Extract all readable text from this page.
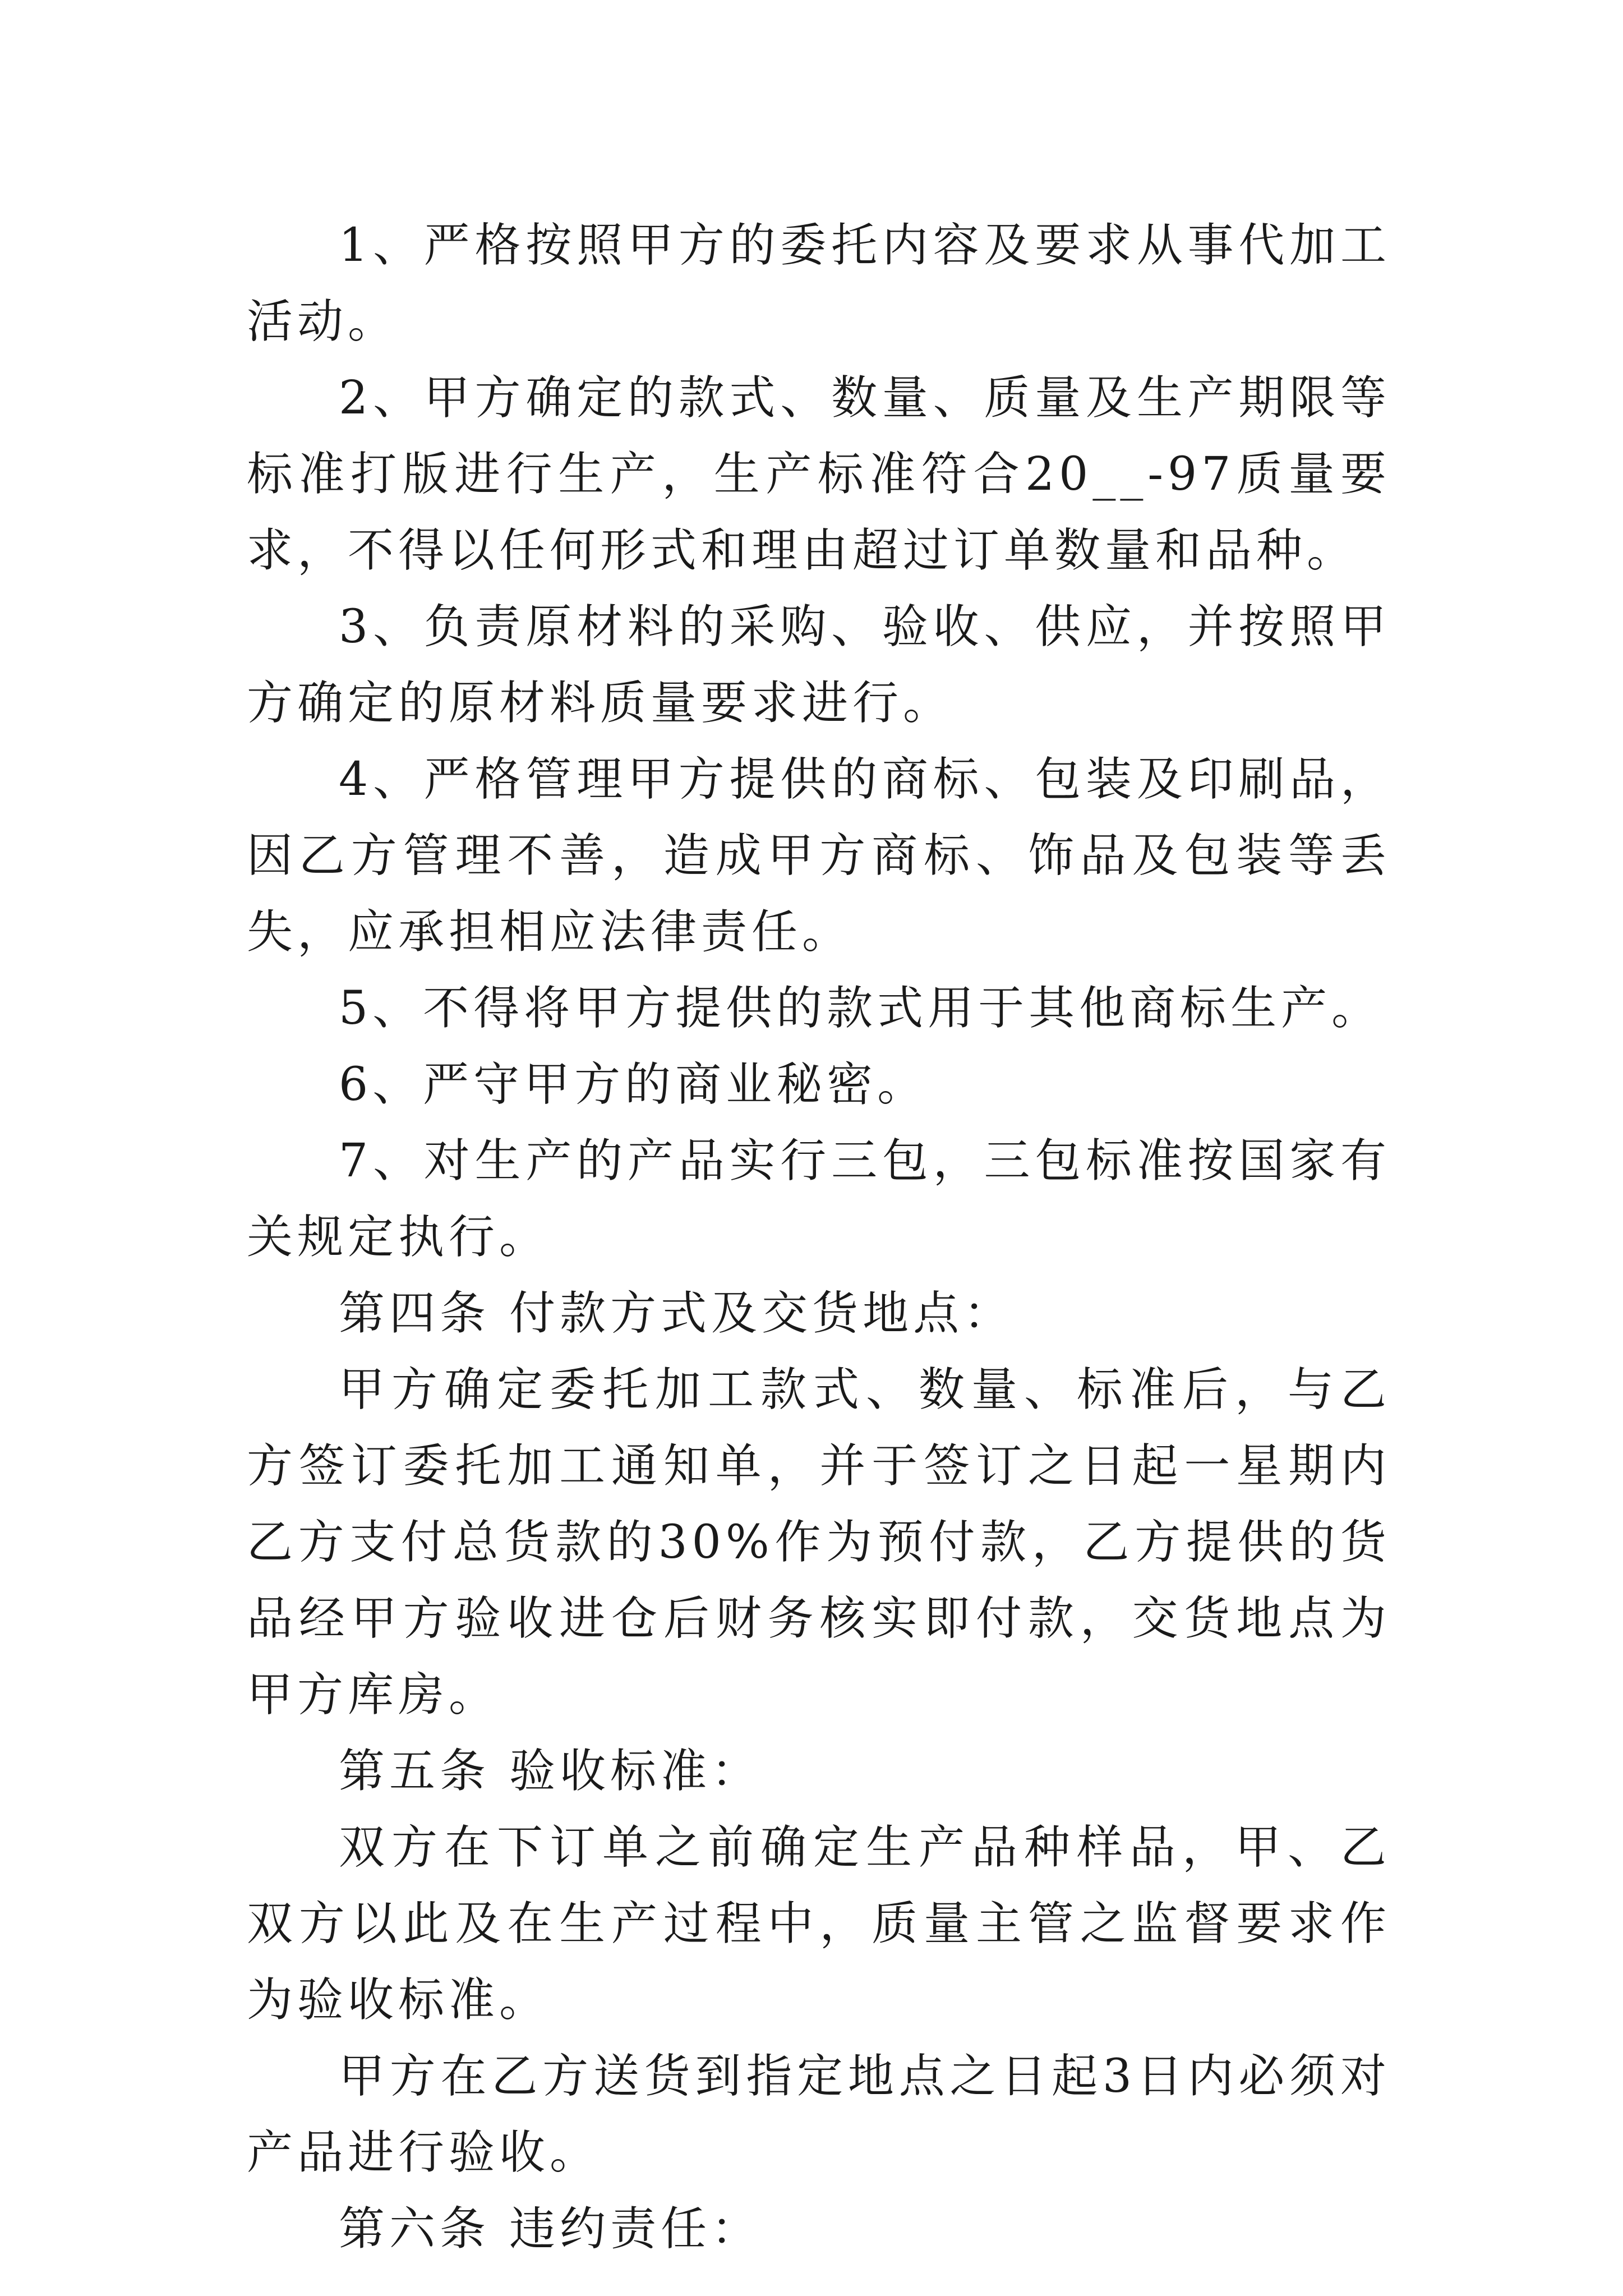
1、严格按照甲方的委托内容及要求从事代加工活动。

2、甲方确定的款式、数量、质量及生产期限等标准打版进行生产，生产标准符合20__-97质量要求，不得以任何形式和理由超过订单数量和品种。

3、负责原材料的采购、验收、供应，并按照甲方确定的原材料质量要求进行。

4、严格管理甲方提供的商标、包装及印刷品，因乙方管理不善，造成甲方商标、饰品及包装等丢失，应承担相应法律责任。

5、不得将甲方提供的款式用于其他商标生产。

6、严守甲方的商业秘密。

7、对生产的产品实行三包，三包标准按国家有关规定执行。

第四条 付款方式及交货地点：

甲方确定委托加工款式、数量、标准后，与乙方签订委托加工通知单，并于签订之日起一星期内乙方支付总货款的30%作为预付款，乙方提供的货品经甲方验收进仓后财务核实即付款，交货地点为甲方库房。

第五条 验收标准：

双方在下订单之前确定生产品种样品，甲、乙双方以此及在生产过程中，质量主管之监督要求作为验收标准。

甲方在乙方送货到指定地点之日起3日内必须对产品进行验收。

第六条 违约责任：
